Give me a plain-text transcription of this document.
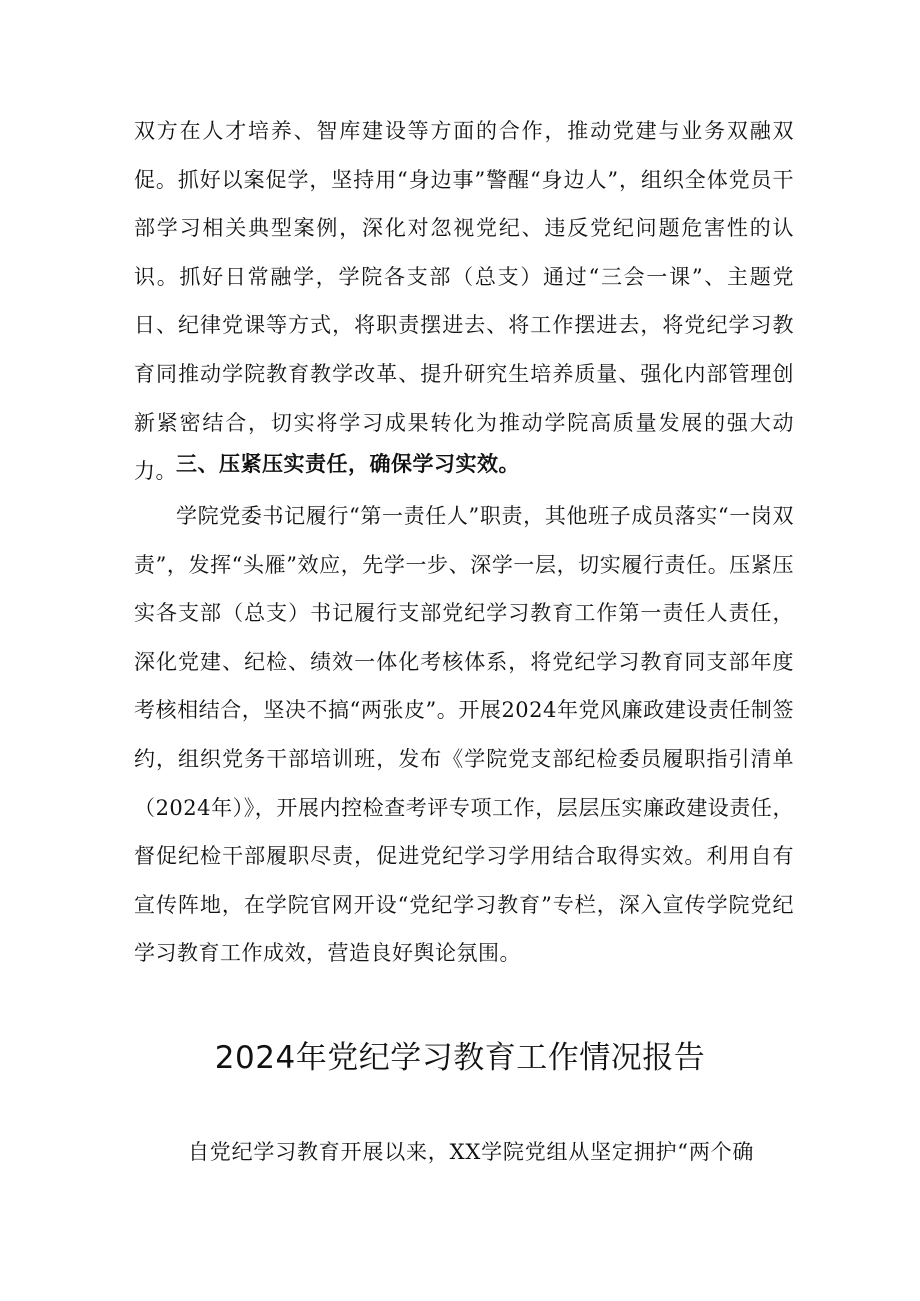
双方在人才培养、智库建设等方面的合作，推动党建与业务双融双促。抓好以案促学，坚持用“身边事”警醒“身边人”，组织全体党员干部学习相关典型案例，深化对忽视党纪、违反党纪问题危害性的认识。抓好日常融学，学院各支部（总支）通过“三会一课”、主题党日、纪律党课等方式，将职责摆进去、将工作摆进去，将党纪学习教育同推动学院教育教学改革、提升研究生培养质量、强化内部管理创新紧密结合，切实将学习成果转化为推动学院高质量发展的强大动力。 三、压紧压实责任，确保学习实效。

学院党委书记履行“第一责任人”职责，其他班子成员落实“一岗双责”，发挥“头雁”效应，先学一步、深学一层，切实履行责任。压紧压实各支部（总支）书记履行支部党纪学习教育工作第一责任人责任，深化党建、纪检、绩效一体化考核体系，将党纪学习教育同支部年度考核相结合，坚决不搞“两张皮”。开展2024年党风廉政建设责任制签约，组织党务干部培训班，发布《学院党支部纪检委员履职指引清单（2024年）》，开展内控检查考评专项工作，层层压实廉政建设责任，督促纪检干部履职尽责，促进党纪学习学用结合取得实效。利用自有宣传阵地，在学院官网开设“党纪学习教育”专栏，深入宣传学院党纪学习教育工作成效，营造良好舆论氛围。

2024年党纪学习教育工作情况报告

自党纪学习教育开展以来，XX学院党组从坚定拥护“两个确
